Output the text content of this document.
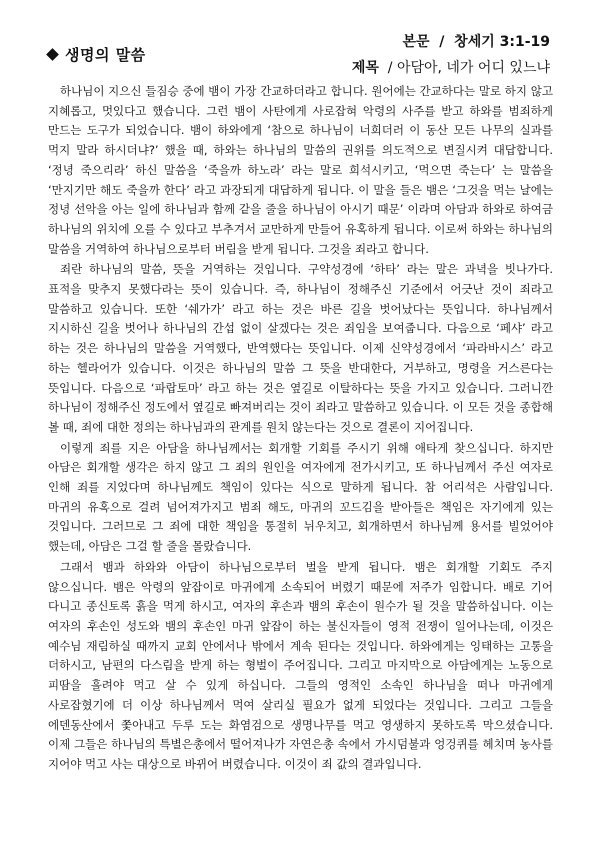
생명의 말씀
본문  /  창세기 3:1-19
제목  / 아담아, 네가 어디 있느냐

하나님이 지으신 들짐승 중에 뱀이 가장 간교하더라고 합니다. 원어에는 간교하다는 말로 하지 않고 지혜롭고, 멋있다고 했습니다. 그런 뱀이 사탄에게 사로잡혀 악령의 사주를 받고 하와를 범죄하게 만드는 도구가 되었습니다. 뱀이 하와에게 ‘참으로 하나님이 너희더러 이 동산 모든 나무의 실과를 먹지 말라 하시더냐?’ 했을 때, 하와는 하나님의 말씀의 권위를 의도적으로 변질시켜 대답합니다. ‘정녕 죽으리라’ 하신 말씀을 ‘죽을까 하노라’ 라는 말로 희석시키고, ‘먹으면 죽는다’ 는 말씀을 ‘만지기만 해도 죽을까 한다’ 라고 과장되게 대답하게 됩니다. 이 말을 들은 뱀은 ‘그것을 먹는 날에는 정녕 선악을 아는 일에 하나님과 함께 같을 줄을 하나님이 아시기 때문’ 이라며 아담과 하와로 하여금 하나님의 위치에 오를 수 있다고 부추겨서 교만하게 만들어 유혹하게 됩니다. 이로써 하와는 하나님의 말씀을 거역하여 하나님으로부터 버림을 받게 됩니다. 그것을 죄라고 합니다.

죄란 하나님의 말씀, 뜻을 거역하는 것입니다. 구약성경에 ‘하타’ 라는 말은 과녁을 빗나가다. 표적을 맞추지 못했다라는 뜻이 있습니다. 즉, 하나님이 정해주신 기준에서 어긋난 것이 죄라고 말씀하고 있습니다. 또한 ‘쉐가가’ 라고 하는 것은 바른 길을 벗어났다는 뜻입니다. 하나님께서 지시하신 길을 벗어나 하나님의 간섭 없이 살겠다는 것은 죄임을 보여줍니다. 다음으로 ‘페샤’ 라고 하는 것은 하나님의 말씀을 거역했다, 반역했다는 뜻입니다. 이제 신약성경에서 ‘파라바시스’ 라고 하는 헬라어가 있습니다. 이것은 하나님의 말씀 그 뜻을 반대한다, 거부하고, 명령을 거스른다는 뜻입니다. 다음으로 ‘파랍토마’ 라고 하는 것은 옆길로 이탈하다는 뜻을 가지고 있습니다. 그러니깐 하나님이 정해주신 정도에서 옆길로 빠져버리는 것이 죄라고 말씀하고 있습니다. 이 모든 것을 종합해 볼 때, 죄에 대한 정의는 하나님과의 관계를 원치 않는다는 것으로 결론이 지어집니다.

이렇게 죄를 지은 아담을 하나님께서는 회개할 기회를 주시기 위해 애타게 찾으십니다. 하지만 아담은 회개할 생각은 하지 않고 그 죄의 원인을 여자에게 전가시키고, 또 하나님께서 주신 여자로 인해 죄를 지었다며 하나님께도 책임이 있다는 식으로 말하게 됩니다. 참 어리석은 사람입니다. 마귀의 유혹으로 걸려 넘어져가지고 범죄 해도, 마귀의 꼬드김을 받아들은 책임은 자기에게 있는 것입니다. 그러므로 그 죄에 대한 책임을 통절히 뉘우치고, 회개하면서 하나님께 용서를 빌었어야 했는데, 아담은 그걸 할 줄을 몰랐습니다.

그래서 뱀과 하와와 아담이 하나님으로부터 벌을 받게 됩니다. 뱀은 회개할 기회도 주지 않으십니다. 뱀은 악령의 앞잡이로 마귀에게 소속되어 버렸기 때문에 저주가 임합니다. 배로 기어 다니고 종신토록 흙을 먹게 하시고, 여자의 후손과 뱀의 후손이 원수가 될 것을 말씀하십니다. 이는 여자의 후손인 성도와 뱀의 후손인 마귀 앞잡이 하는 불신자들이 영적 전쟁이 일어나는데, 이것은 예수님 재림하실 때까지 교회 안에서나 밖에서 계속 된다는 것입니다. 하와에게는 잉태하는 고통을 더하시고, 남편의 다스림을 받게 하는 형벌이 주어집니다. 그리고 마지막으로 아담에게는 노동으로 피땀을 흘려야 먹고 살 수 있게 하십니다. 그들의 영적인 소속인 하나님을 떠나 마귀에게 사로잡혔기에 더 이상 하나님께서 먹여 살리실 필요가 없게 되었다는 것입니다. 그리고 그들을 에덴동산에서 쫓아내고 두루 도는 화염검으로 생명나무를 먹고 영생하지 못하도록 막으셨습니다. 이제 그들은 하나님의 특별은총에서 떨어져나가 자연은총 속에서 가시덤불과 엉겅퀴를 헤치며 농사를 지어야 먹고 사는 대상으로 바뀌어 버렸습니다. 이것이 죄 값의 결과입니다.
